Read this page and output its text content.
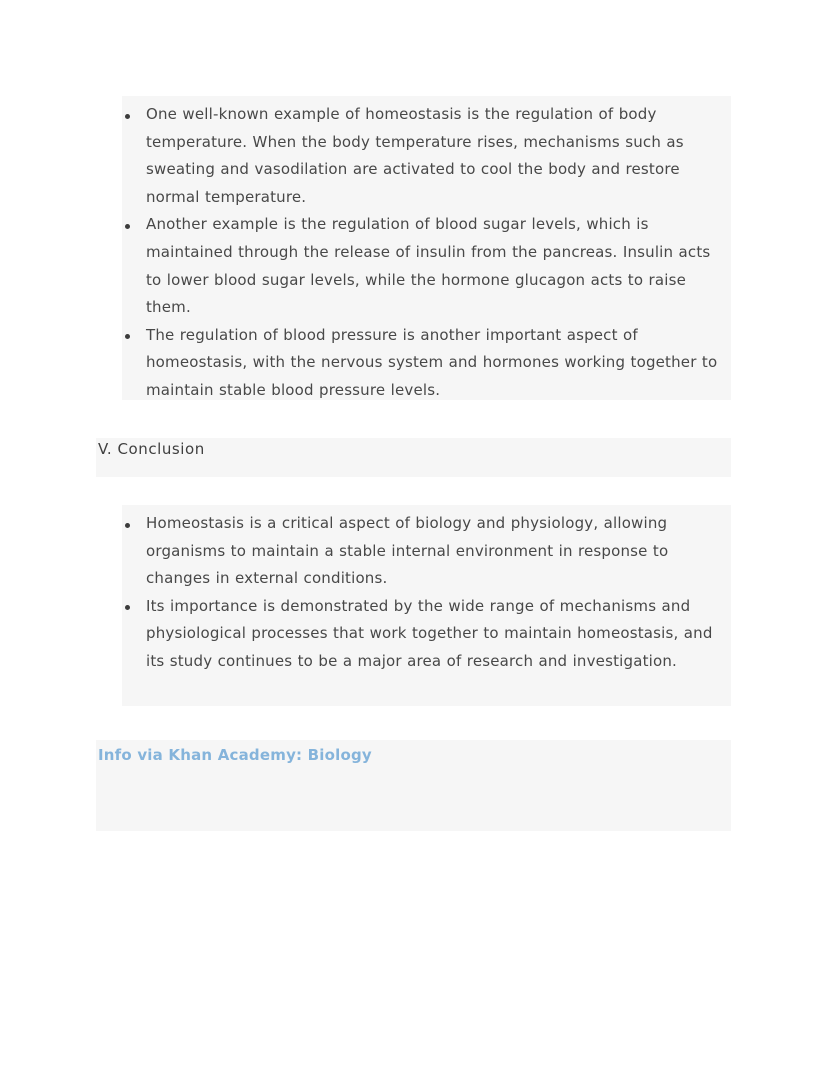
One well-known example of homeostasis is the regulation of body temperature. When the body temperature rises, mechanisms such as sweating and vasodilation are activated to cool the body and restore normal temperature.
Another example is the regulation of blood sugar levels, which is maintained through the release of insulin from the pancreas. Insulin acts to lower blood sugar levels, while the hormone glucagon acts to raise them.
The regulation of blood pressure is another important aspect of homeostasis, with the nervous system and hormones working together to maintain stable blood pressure levels.
V. Conclusion
Homeostasis is a critical aspect of biology and physiology, allowing organisms to maintain a stable internal environment in response to changes in external conditions.
Its importance is demonstrated by the wide range of mechanisms and physiological processes that work together to maintain homeostasis, and its study continues to be a major area of research and investigation.
Info via Khan Academy: Biology
